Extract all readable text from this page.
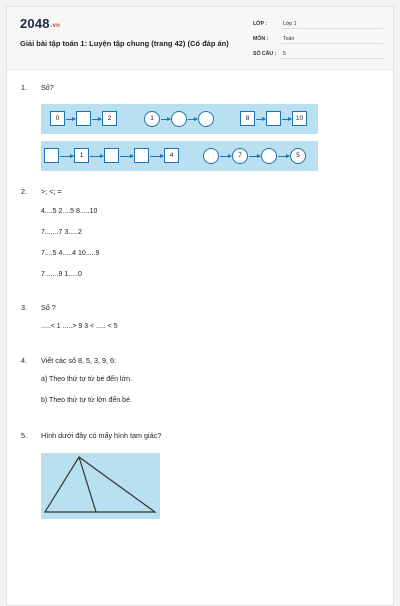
2048.vn
Giải bài tập toán 1: Luyện tập chung (trang 42) (Có đáp án)
LỚP :	Lớp 1
MÔN :	Toán
SỐ CÂU : 5
1. Số?
0	2	1	8	10
1	4	7	5
2. >; <; =
4....5 2....5 8.....10
7.......7 3.....2
7....5 4.....4 10.....9
7.......9 1.....0
3. Số ?
.....< 1 .....> 9 3 < ..... < 5
4. Viết các số 8, 5, 3, 9, 6:
a) Theo thứ tự từ bé đến lớn.
b) Theo thứ tự từ lớn đến bé.
5. Hình dưới đây có mấy hình tam giác?
